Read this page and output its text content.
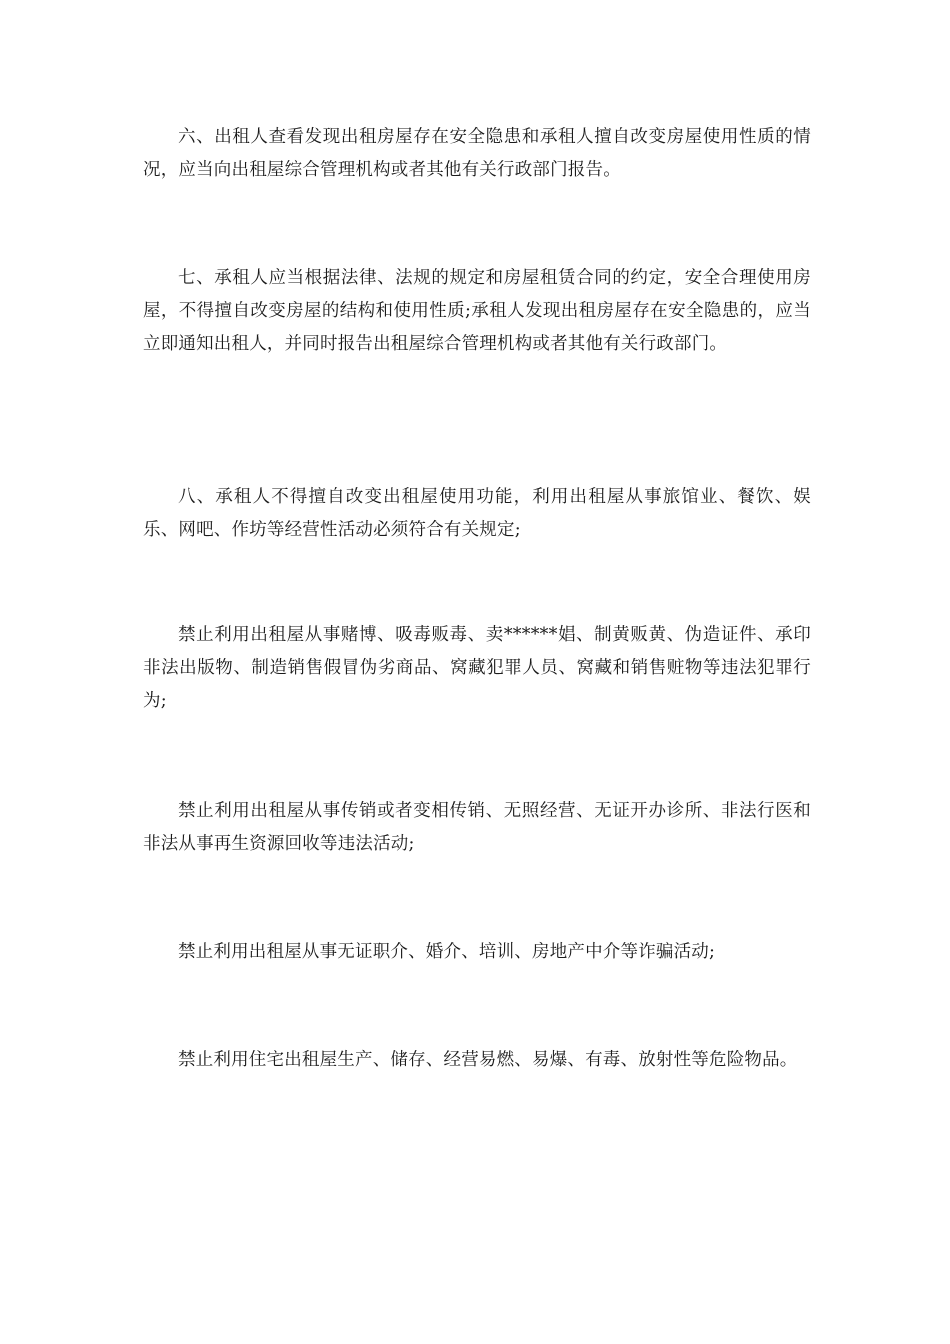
六、出租人查看发现出租房屋存在安全隐患和承租人擅自改变房屋使用性质的情况，应当向出租屋综合管理机构或者其他有关行政部门报告。

七、承租人应当根据法律、法规的规定和房屋租赁合同的约定，安全合理使用房屋，不得擅自改变房屋的结构和使用性质;承租人发现出租房屋存在安全隐患的，应当立即通知出租人，并同时报告出租屋综合管理机构或者其他有关行政部门。

八、承租人不得擅自改变出租屋使用功能，利用出租屋从事旅馆业、餐饮、娱乐、网吧、作坊等经营性活动必须符合有关规定;

禁止利用出租屋从事赌博、吸毒贩毒、卖******娼、制黄贩黄、伪造证件、承印非法出版物、制造销售假冒伪劣商品、窝藏犯罪人员、窝藏和销售赃物等违法犯罪行为;

禁止利用出租屋从事传销或者变相传销、无照经营、无证开办诊所、非法行医和非法从事再生资源回收等违法活动;

禁止利用出租屋从事无证职介、婚介、培训、房地产中介等诈骗活动;

禁止利用住宅出租屋生产、储存、经营易燃、易爆、有毒、放射性等危险物品。
